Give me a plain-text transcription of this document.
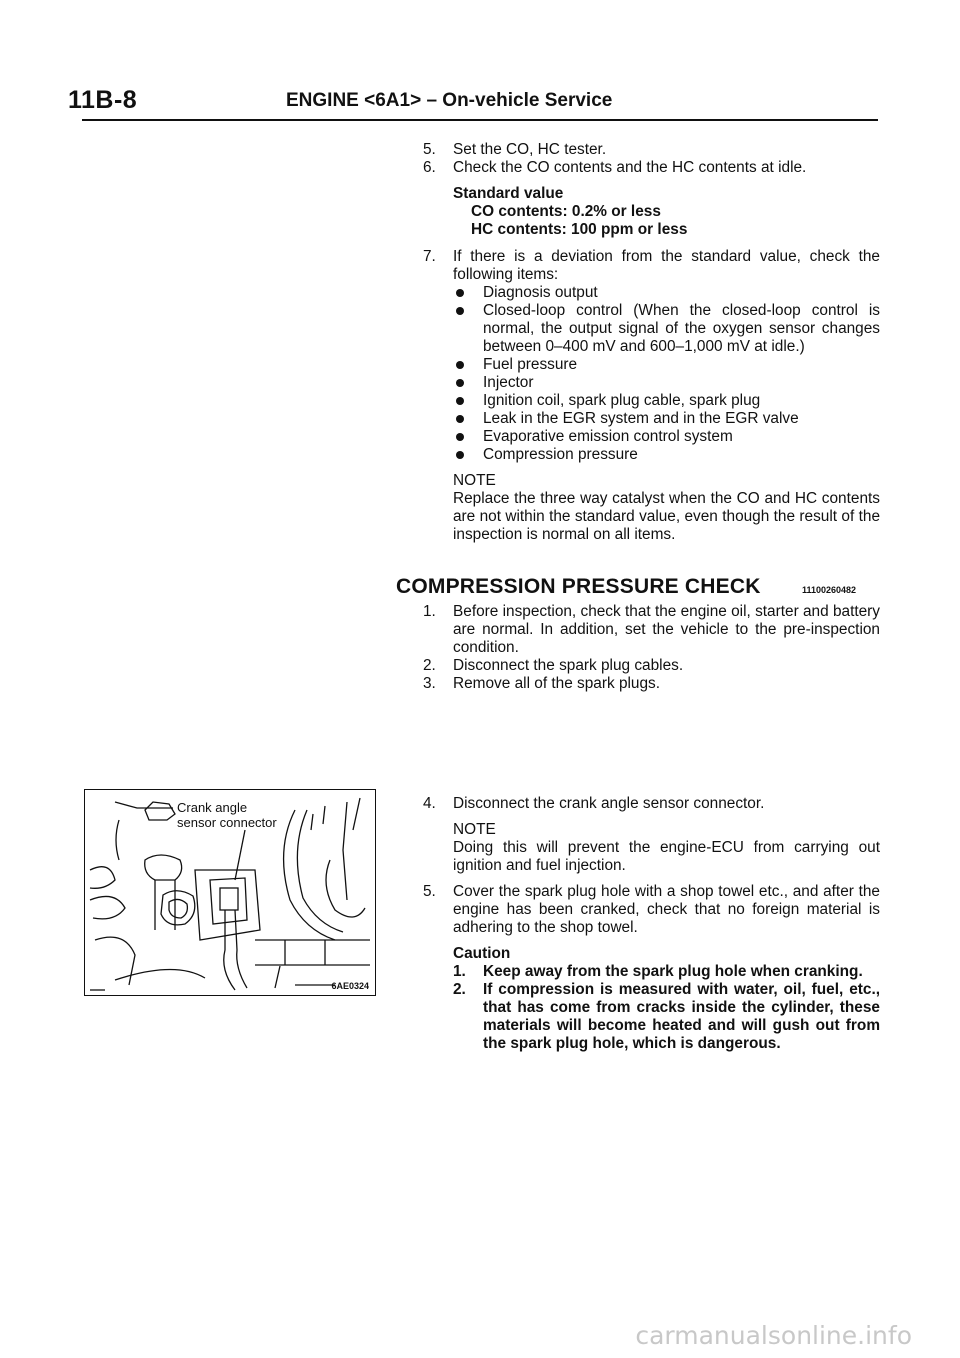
11B-8	ENGINE <6A1> – On-vehicle Service
5. Set the CO, HC tester.
6. Check the CO contents and the HC contents at idle.
Standard value
CO contents: 0.2% or less
HC contents: 100 ppm or less
7. If there is a deviation from the standard value, check the following items:
Diagnosis output
Closed-loop control (When the closed-loop control is normal, the output signal of the oxygen sensor changes between 0–400 mV and 600–1,000 mV at idle.)
Fuel pressure
Injector
Ignition coil, spark plug cable, spark plug
Leak in the EGR system and in the EGR valve
Evaporative emission control system
Compression pressure
NOTE
Replace the three way catalyst when the CO and HC contents are not within the standard value, even though the result of the inspection is normal on all items.
COMPRESSION PRESSURE CHECK	11100260482
1. Before inspection, check that the engine oil, starter and battery are normal. In addition, set the vehicle to the pre-inspection condition.
2. Disconnect the spark plug cables.
3. Remove all of the spark plugs.
Crank angle
sensor connector
6AE0324
4. Disconnect the crank angle sensor connector.
NOTE
Doing this will prevent the engine-ECU from carrying out ignition and fuel injection.
5. Cover the spark plug hole with a shop towel etc., and after the engine has been cranked, check that no foreign material is adhering to the shop towel.
Caution
1. Keep away from the spark plug hole when cranking.
2. If compression is measured with water, oil, fuel, etc., that has come from cracks inside the cylinder, these materials will become heated and will gush out from the spark plug hole, which is dangerous.
carmanualsonline.info
